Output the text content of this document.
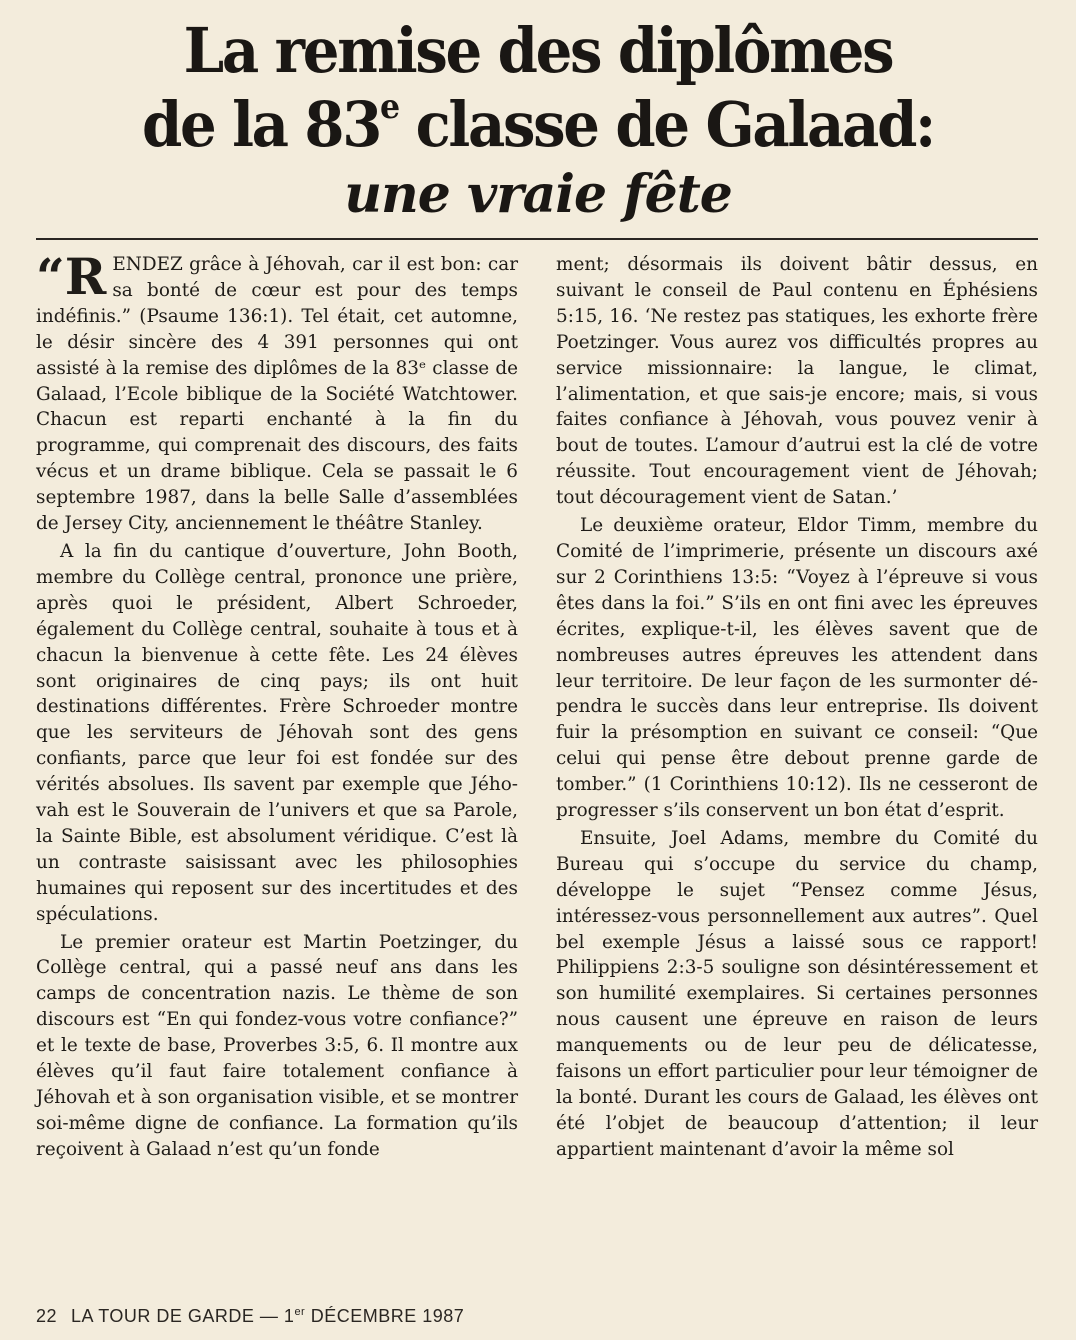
La remise des diplômes
de la 83e classe de Galaad:
une vraie fête

“RENDEZ grâce à Jéhovah, car il est bon: car sa bonté de cœur est pour des temps indéfinis.” (Psaume 136:1). Tel était, cet automne, le désir sincère des 4 391 personnes qui ont assisté à la remise des diplômes de la 83ᵉ classe de Galaad, l’Ecole biblique de la Société Watchtower. Chacun est reparti enchanté à la fin du programme, qui comprenait des discours, des faits vécus et un drame biblique. Cela se passait le 6 septembre 1987, dans la belle Salle d’assemblées de Jersey City, anciennement le théâtre Stanley.

A la fin du cantique d’ouverture, John Booth, membre du Collège central, prononce une prière, après quoi le président, Albert Schroeder, également du Collège central, souhaite à tous et à chacun la bienvenue à cette fête. Les 24 élèves sont originaires de cinq pays; ils ont huit destinations différentes. Frère Schroeder montre que les serviteurs de Jéhovah sont des gens confiants, parce que leur foi est fondée sur des vérités absolues. Ils savent par exemple que Jéhovah est le Souverain de l’univers et que sa Parole, la Sainte Bible, est absolument véridique. C’est là un contraste saisissant avec les philosophies humaines qui reposent sur des incertitudes et des spéculations.

Le premier orateur est Martin Poetzinger, du Collège central, qui a passé neuf ans dans les camps de concentration nazis. Le thème de son discours est “En qui fondez-vous votre confiance?” et le texte de base, Proverbes 3:5, 6. Il montre aux élèves qu’il faut faire totalement confiance à Jéhovah et à son organisation visible, et se montrer soi-même digne de confiance. La formation qu’ils reçoivent à Galaad n’est qu’un fonde

ment; désormais ils doivent bâtir dessus, en suivant le conseil de Paul contenu en Éphésiens 5:15, 16. ‘Ne restez pas statiques, les exhorte frère Poetzinger. Vous aurez vos difficultés propres au service missionnaire: la langue, le climat, l’alimentation, et que sais-je encore; mais, si vous faites confiance à Jéhovah, vous pouvez venir à bout de toutes. L’amour d’autrui est la clé de votre réussite. Tout encouragement vient de Jéhovah; tout découragement vient de Satan.’

Le deuxième orateur, Eldor Timm, membre du Comité de l’imprimerie, présente un discours axé sur 2 Corinthiens 13:5: “Voyez à l’épreuve si vous êtes dans la foi.” S’ils en ont fini avec les épreuves écrites, explique-t-il, les élèves savent que de nombreuses autres épreuves les attendent dans leur territoire. De leur façon de les surmonter dépendra le succès dans leur entreprise. Ils doivent fuir la présomption en suivant ce conseil: “Que celui qui pense être debout prenne garde de tomber.” (1 Corinthiens 10:12). Ils ne cesseront de progresser s’ils conservent un bon état d’esprit.

Ensuite, Joel Adams, membre du Comité du Bureau qui s’occupe du service du champ, développe le sujet “Pensez comme Jésus, intéressez-vous personnellement aux autres”. Quel bel exemple Jésus a laissé sous ce rapport! Philippiens 2:3-5 souligne son désintéressement et son humilité exemplaires. Si certaines personnes nous causent une épreuve en raison de leurs manquements ou de leur peu de délicatesse, faisons un effort particulier pour leur témoigner de la bonté. Durant les cours de Galaad, les élèves ont été l’objet de beaucoup d’attention; il leur appartient maintenant d’avoir la même sol

22 LA TOUR DE GARDE — 1er DÉCEMBRE 1987
